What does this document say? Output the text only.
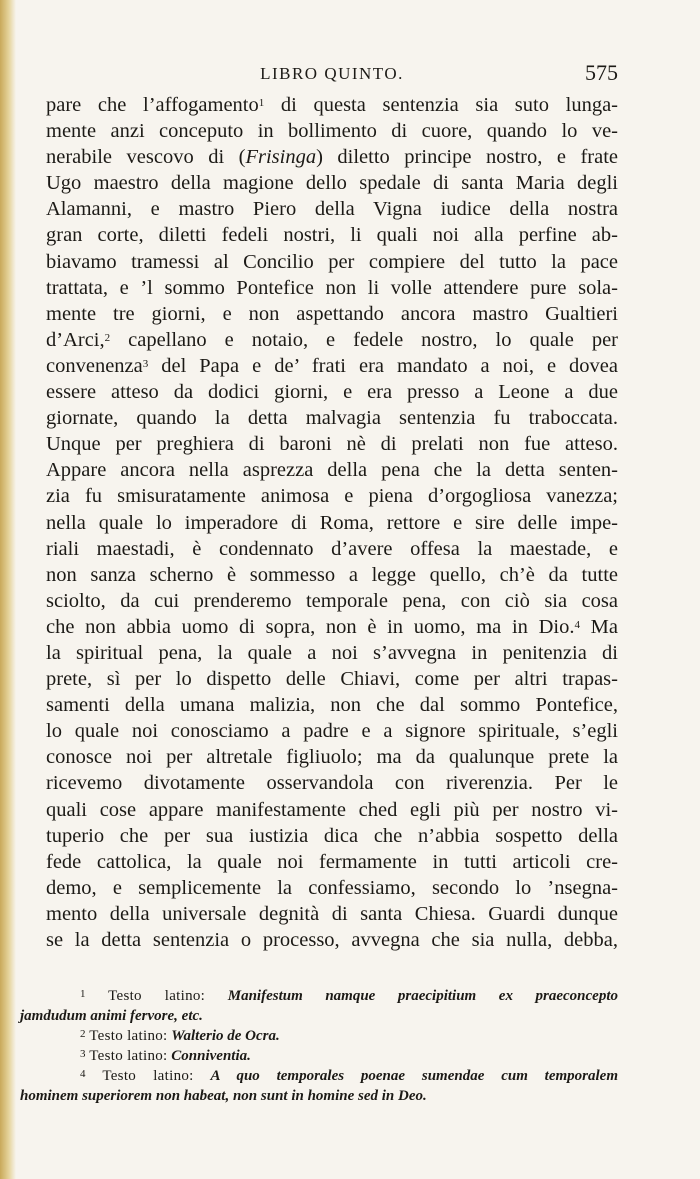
LIBRO QUINTO.	575
pare che l’affogamento$^1$ di questa sentenzia sia suto lunga-
mente anzi conceputo in bollimento di cuore, quando lo ve-
nerabile vescovo di (Frisinga) diletto principe nostro, e frate
Ugo maestro della magione dello spedale di santa Maria degli
Alamanni, e mastro Piero della Vigna iudice della nostra
gran corte, diletti fedeli nostri, li quali noi alla perfine ab-
biavamo tramessi al Concilio per compiere del tutto la pace
trattata, e ’l sommo Pontefice non li volle attendere pure sola-
mente tre giorni, e non aspettando ancora mastro Gualtieri
d’Arci,$^2$ capellano e notaio, e fedele nostro, lo quale per
convenenza$^3$ del Papa e de’ frati era mandato a noi, e dovea
essere atteso da dodici giorni, e era presso a Leone a due
giornate, quando la detta malvagia sentenzia fu traboccata.
Unque per preghiera di baroni nè di prelati non fue atteso.
Appare ancora nella asprezza della pena che la detta senten-
zia fu smisuratamente animosa e piena d’orgogliosa vanezza;
nella quale lo imperadore di Roma, rettore e sire delle impe-
riali maestadi, è condennato d’avere offesa la maestade, e
non sanza scherno è sommesso a legge quello, ch’è da tutte
sciolto, da cui prenderemo temporale pena, con ciò sia cosa
che non abbia uomo di sopra, non è in uomo, ma in Dio.$^4$ Ma
la spiritual pena, la quale a noi s’avvegna in penitenzia di
prete, sì per lo dispetto delle Chiavi, come per altri trapas-
samenti della umana malizia, non che dal sommo Pontefice,
lo quale noi conosciamo a padre e a signore spirituale, s’egli
conosce noi per altretale figliuolo; ma da qualunque prete la
ricevemo divotamente osservandola con riverenzia. Per le
quali cose appare manifestamente ched egli più per nostro vi-
tuperio che per sua iustizia dica che n’abbia sospetto della
fede cattolica, la quale noi fermamente in tutti articoli cre-
demo, e semplicemente la confessiamo, secondo lo ’nsegna-
mento della universale degnità di santa Chiesa. Guardi dunque
se la detta sentenzia o processo, avvegna che sia nulla, debba,
$^1$ Testo latino: Manifestum namque praecipitium ex praeconcepto
jamdudum animi fervore, etc.
$^2$ Testo latino: Walterio de Ocra.
$^3$ Testo latino: Conniventia.
$^4$ Testo latino: A quo temporales poenae sumendae cum temporalem
hominem superiorem non habeat, non sunt in homine sed in Deo.
